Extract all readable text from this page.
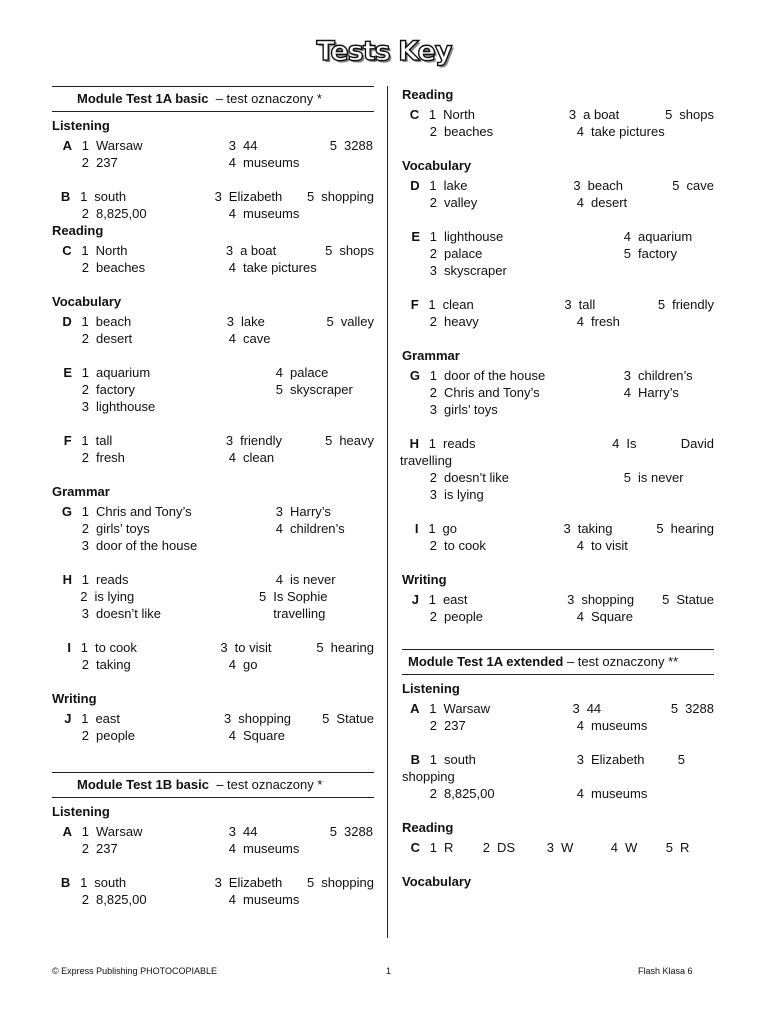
Tests Key
Module Test 1A basic – test oznaczony *
Listening
A 1 Warsaw	3 44	5 3288
2 237	4 museums
B 1 south	3 Elizabeth 5 shopping
2 8,825,00	4 museums
Reading
C 1 North	3 a boat	5 shops
2 beaches	4 take pictures
Vocabulary
D 1 beach	3 lake	5 valley
2 desert	4 cave
E 1 aquarium	4 palace
2 factory	5 skyscraper
3 lighthouse
F 1 tall	3 friendly	5 heavy
2 fresh	4 clean
Grammar
G 1 Chris and Tony’s	3 Harry’s
2 girls’ toys	4 children’s
3 door of the house
H 1 reads	4 is never
2 is lying	5 Is Sophie travelling
3 doesn’t like
I 1 to cook	3 to visit	5 hearing
2 taking	4 go
Writing
J 1 east	3 shopping 5 Statue
2 people	4 Square
Module Test 1B basic – test oznaczony *
Listening
A 1 Warsaw	3 44	5 3288
2 237	4 museums
B 1 south	3 Elizabeth 5 shopping
2 8,825,00	4 museums
Reading
C 1 North	3 a boat	5 shops
2 beaches	4 take pictures
Vocabulary
D 1 lake	3 beach	5 cave
2 valley	4 desert
E 1 lighthouse	4 aquarium
2 palace	5 factory
3 skyscraper
F 1 clean	3 tall	5 friendly
2 heavy	4 fresh
Grammar
G 1 door of the house	3 children’s
2 Chris and Tony’s	4 Harry’s
3 girls’ toys
H 1 reads	4 Is	David
travelling
2 doesn’t like	5 is never
3 is lying
I 1 go	3 taking	5 hearing
2 to cook	4 to visit
Writing
J 1 east	3 shopping 5 Statue
2 people	4 Square
Module Test 1A extended – test oznaczony **
Listening
A 1 Warsaw	3 44	5 3288
2 237	4 museums
B 1 south	3 Elizabeth	5
shopping
2 8,825,00	4 museums
Reading
C 1 R 2 DS 3 W	4 W 5 R
Vocabulary
© Express Publishing PHOTOCOPIABLE	1	Flash Klasa 6
